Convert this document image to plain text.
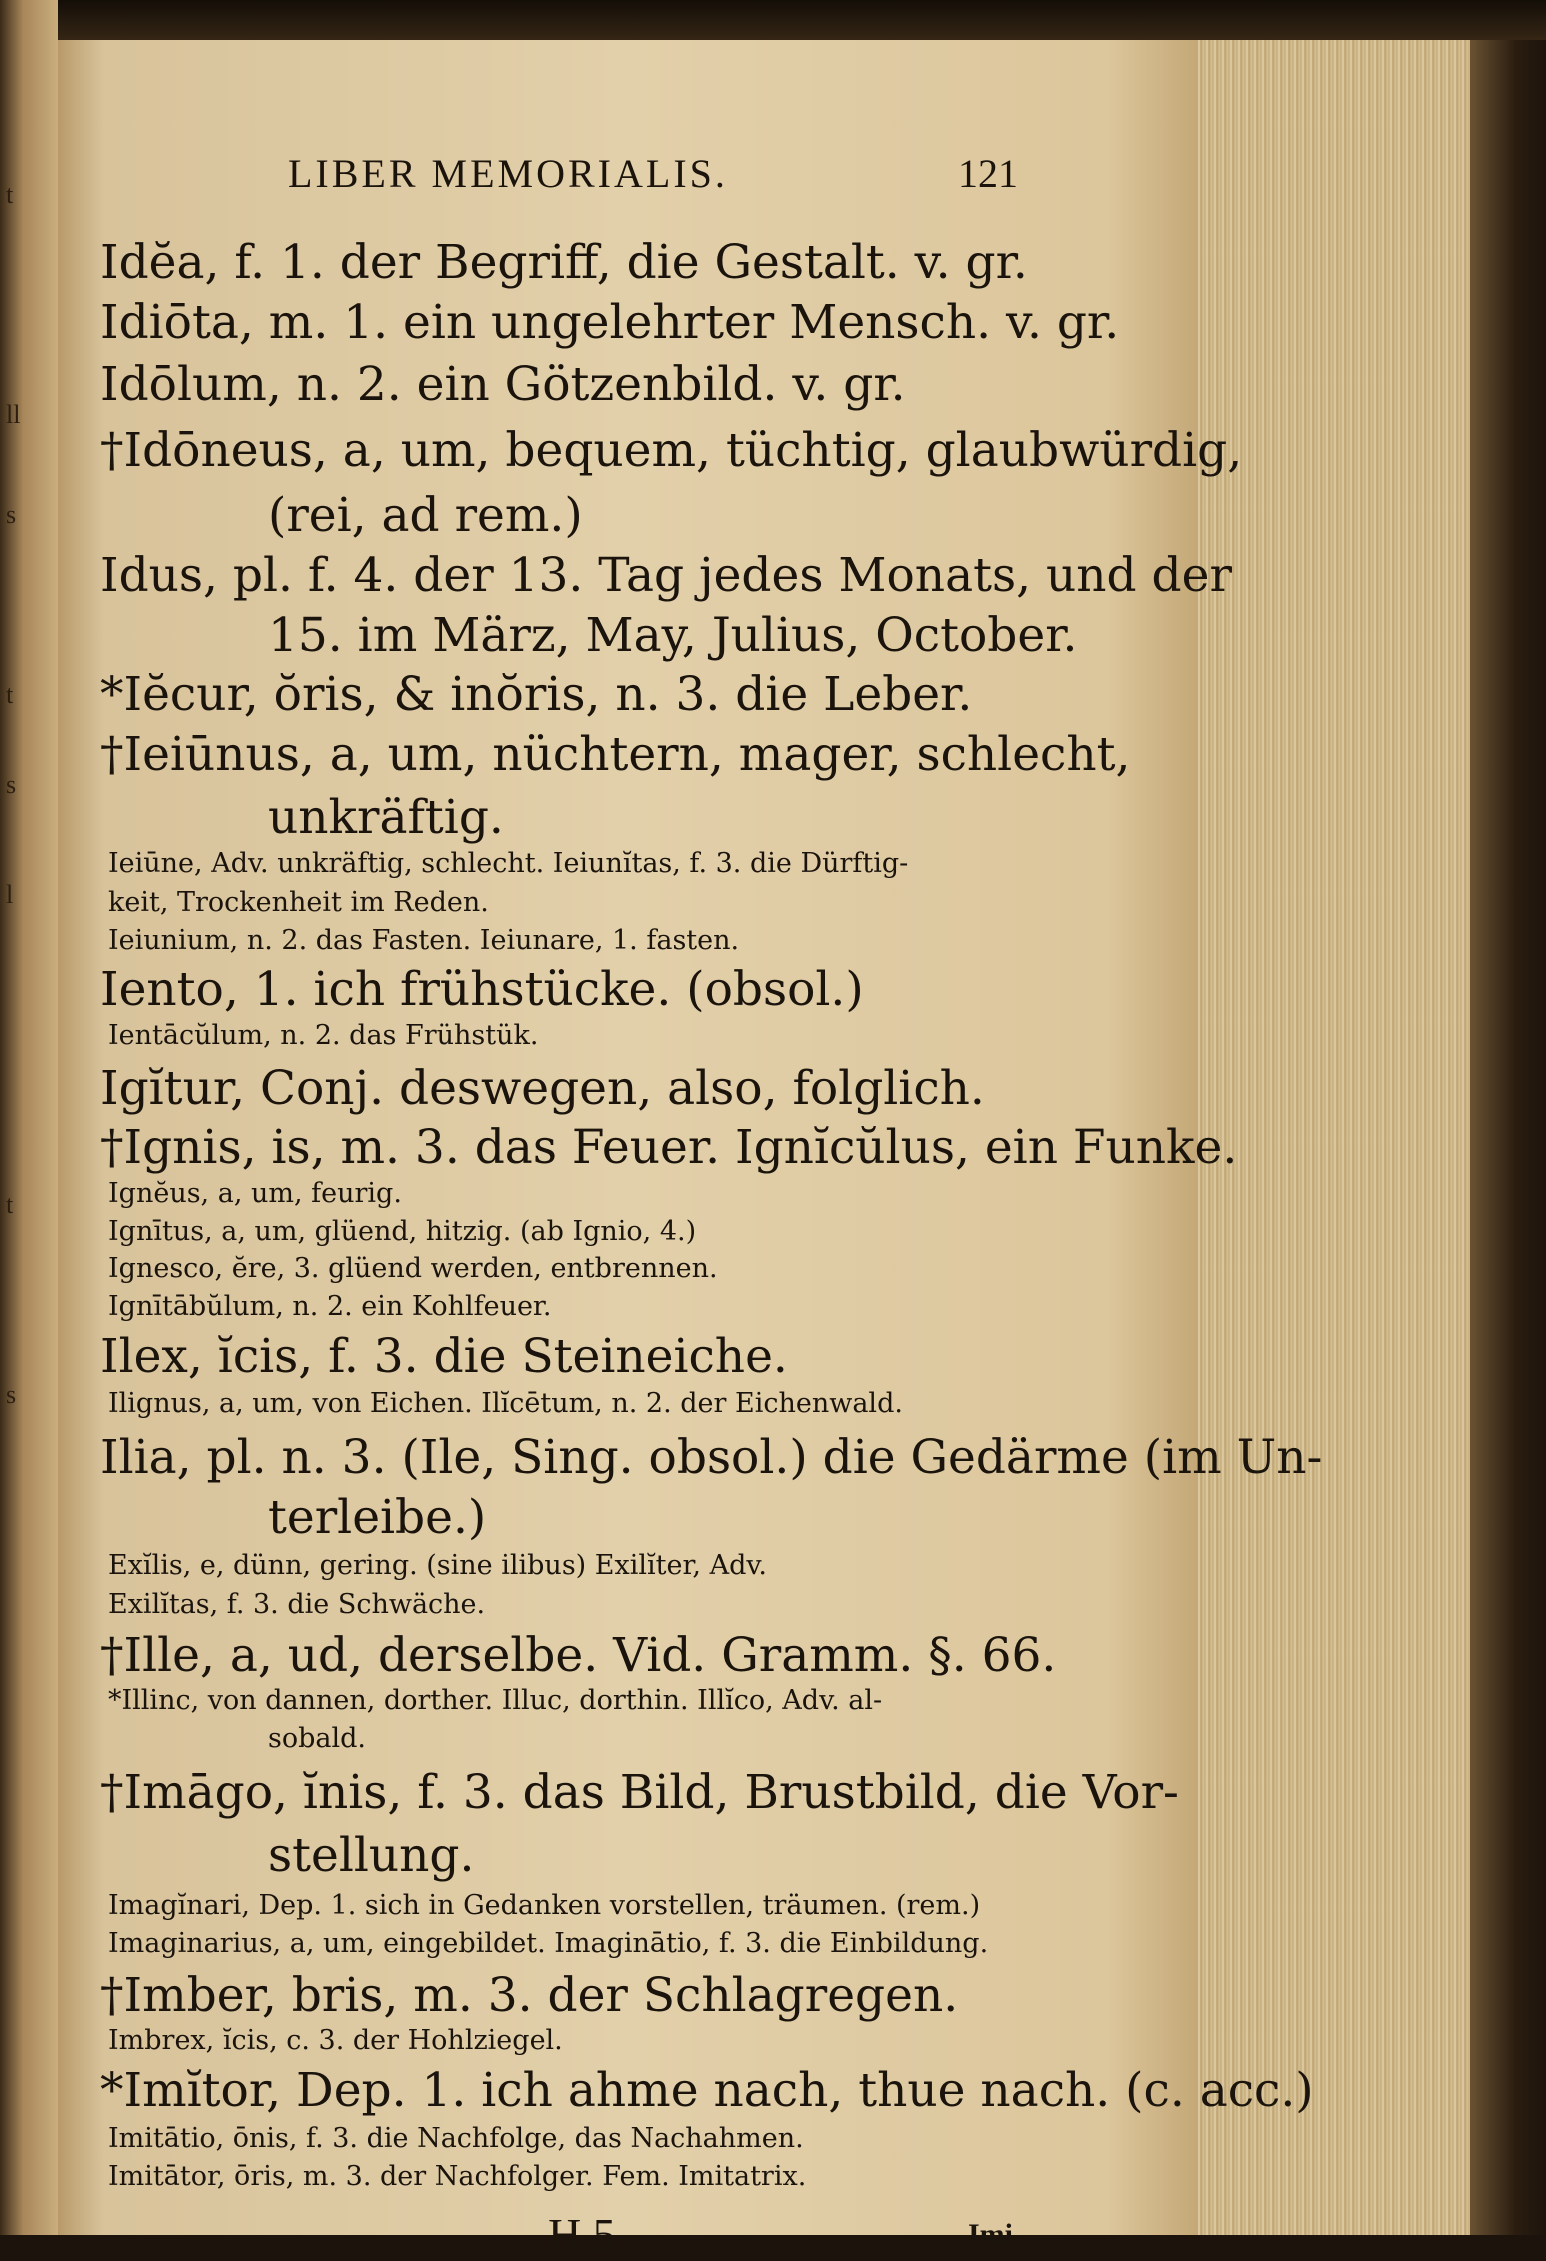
t
ll
s
t
s
l
t
s
LIBER MEMORIALIS.	121
Idĕa, f. 1. der Begriff, die Gestalt. v. gr.
Idiōta, m. 1. ein ungelehrter Mensch. v. gr.
Idōlum, n. 2. ein Götzenbild. v. gr.
†Idōneus, a, um, bequem, tüchtig, glaubwürdig,
(rei, ad rem.)
Idus, pl. f. 4. der 13. Tag jedes Monats, und der
15. im März, May, Julius, October.
*Iĕcur, ŏris, & inŏris, n. 3. die Leber.
†Ieiūnus, a, um, nüchtern, mager, schlecht,
unkräftig.
Ieiūne, Adv. unkräftig, schlecht. Ieiunĭtas, f. 3. die Dürftig-
keit, Trockenheit im Reden.
Ieiunium, n. 2. das Fasten. Ieiunare, 1. fasten.
Iento, 1. ich frühstücke. (obsol.)
Ientācŭlum, n. 2. das Frühstük.
Igĭtur, Conj. deswegen, also, folglich.
†Ignis, is, m. 3. das Feuer. Ignĭcŭlus, ein Funke.
Ignĕus, a, um, feurig.
Ignītus, a, um, glüend, hitzig. (ab Ignio, 4.)
Ignesco, ĕre, 3. glüend werden, entbrennen.
Ignītābŭlum, n. 2. ein Kohlfeuer.
Ilex, ĭcis, f. 3. die Steineiche.
Ilignus, a, um, von Eichen. Ilĭcētum, n. 2. der Eichenwald.
Ilia, pl. n. 3. (Ile, Sing. obsol.) die Gedärme (im Un-
terleibe.)
Exĭlis, e, dünn, gering. (sine ilibus) Exilĭter, Adv.
Exilĭtas, f. 3. die Schwäche.
†Ille, a, ud, derselbe. Vid. Gramm. §. 66.
*Illinc, von dannen, dorther. Illuc, dorthin. Illĭco, Adv. al-
sobald.
†Imāgo, ĭnis, f. 3. das Bild, Brustbild, die Vor-
stellung.
Imagĭnari, Dep. 1. sich in Gedanken vorstellen, träumen. (rem.)
Imaginarius, a, um, eingebildet. Imaginātio, f. 3. die Einbildung.
†Imber, bris, m. 3. der Schlagregen.
Imbrex, ĭcis, c. 3. der Hohlziegel.
*Imĭtor, Dep. 1. ich ahme nach, thue nach. (c. acc.)
Imitātio, ōnis, f. 3. die Nachfolge, das Nachahmen.
Imitātor, ōris, m. 3. der Nachfolger. Fem. Imitatrix.
H 5	Imi-
